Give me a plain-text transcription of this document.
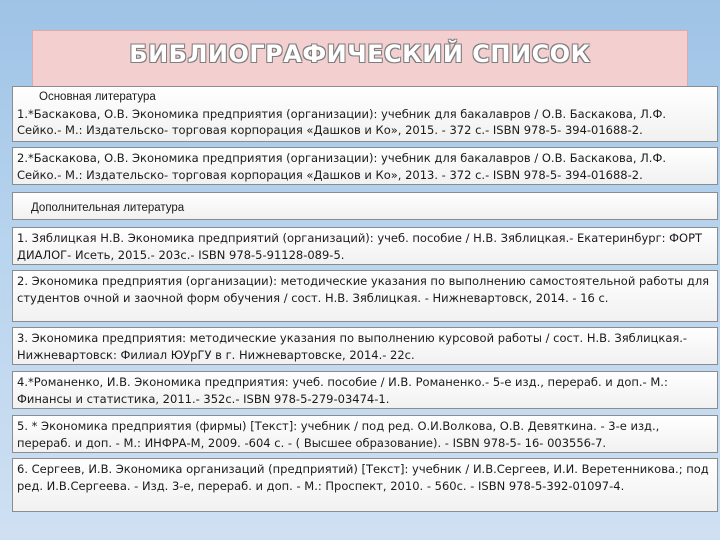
БИБЛИОГРАФИЧЕСКИЙ СПИСОК
Основная литература
1.*Баскакова, О.В. Экономика предприятия (организации): учебник для бакалавров / О.В. Баскакова, Л.Ф. Сейко.- М.: Издательско- торговая корпорация «Дашков и Ко», 2015. - 372 с.- ISBN 978-5- 394-01688-2.
2.*Баскакова, О.В. Экономика предприятия (организации): учебник для бакалавров / О.В. Баскакова, Л.Ф. Сейко.- М.: Издательско- торговая корпорация «Дашков и Ко», 2013. - 372 с.- ISBN 978-5- 394-01688-2.
Дополнительная литература
1. Зяблицкая Н.В. Экономика предприятий (организаций): учеб. пособие / Н.В. Зяблицкая.- Екатеринбург: ФОРТ ДИАЛОГ- Исеть, 2015.- 203с.- ISBN 978-5-91128-089-5.
2. Экономика предприятия (организации): методические указания по выполнению самостоятельной работы для студентов очной и заочной форм обучения / сост. Н.В. Зяблицкая. - Нижневартовск, 2014. - 16 с.
3. Экономика предприятия: методические указания по выполнению курсовой работы / сост. Н.В. Зяблицкая.- Нижневартовск: Филиал ЮУрГУ в г. Нижневартовске, 2014.- 22с.
4.*Романенко, И.В. Экономика предприятия: учеб. пособие / И.В. Романенко.- 5-е изд., перераб. и доп.- М.: Финансы и статистика, 2011.- 352с.- ISBN 978-5-279-03474-1.
5. * Экономика предприятия (фирмы) [Текст]: учебник / под ред. О.И.Волкова, О.В. Девяткина. - 3-е изд., перераб. и доп. - М.: ИНФРА-М, 2009. -604 с. - ( Высшее образование). - ISBN 978-5- 16- 003556-7.
6. Сергеев, И.В. Экономика организаций (предприятий) [Текст]: учебник / И.В.Сергеев, И.И. Веретенникова.; под ред. И.В.Сергеева. - Изд. 3-е, перераб. и доп. - М.: Проспект, 2010. - 560с. - ISBN 978-5-392-01097-4.
